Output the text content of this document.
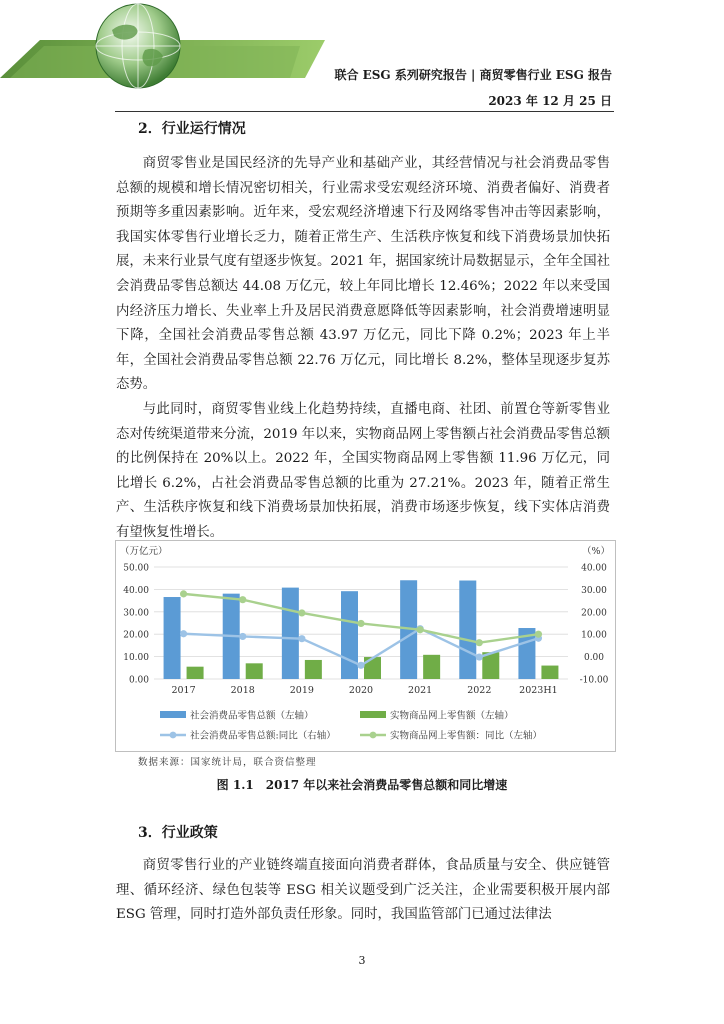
联合 ESG 系列研究报告 | 商贸零售行业 ESG 报告
2023 年 12 月 25 日
2．行业运行情况

商贸零售业是国民经济的先导产业和基础产业，其经营情况与社会消费品零售总额的规模和增长情况密切相关，行业需求受宏观经济环境、消费者偏好、消费者预期等多重因素影响。近年来，受宏观经济增速下行及网络零售冲击等因素影响，我国实体零售行业增长乏力，随着正常生产、生活秩序恢复和线下消费场景加快拓展，未来行业景气度有望逐步恢复。2021 年，据国家统计局数据显示，全年全国社会消费品零售总额达 44.08 万亿元，较上年同比增长 12.46%；2022 年以来受国内经济压力增长、失业率上升及居民消费意愿降低等因素影响，社会消费增速明显下降，全国社会消费品零售总额 43.97 万亿元，同比下降 0.2%；2023 年上半年，全国社会消费品零售总额 22.76 万亿元，同比增长 8.2%，整体呈现逐步复苏态势。

与此同时，商贸零售业线上化趋势持续，直播电商、社团、前置仓等新零售业态对传统渠道带来分流，2019 年以来，实物商品网上零售额占社会消费品零售总额的比例保持在 20%以上。2022 年，全国实物商品网上零售额 11.96 万亿元，同比增长 6.2%，占社会消费品零售总额的比重为 27.21%。2023 年，随着正常生产、生活秩序恢复和线下消费场景加快拓展，消费市场逐步恢复，线下实体店消费有望恢复性增长。

50.00
40.00
30.00
20.00
10.00
0.00
40.00
30.00
20.00
10.00
0.00
-10.00
（万亿元）	（%）
2017	2018	2019	2020	2021	2022	2023H1
社会消费品零售总额（左轴）	实物商品网上零售额（左轴）
社会消费品零售总额:同比（右轴）	实物商品网上零售额：同比（左轴）
数据来源：国家统计局，联合资信整理
图 1.1　2017 年以来社会消费品零售总额和同比增速
3．行业政策

商贸零售行业的产业链终端直接面向消费者群体，食品质量与安全、供应链管理、循环经济、绿色包装等 ESG 相关议题受到广泛关注，企业需要积极开展内部 ESG 管理，同时打造外部负责任形象。同时，我国监管部门已通过法律法

3
